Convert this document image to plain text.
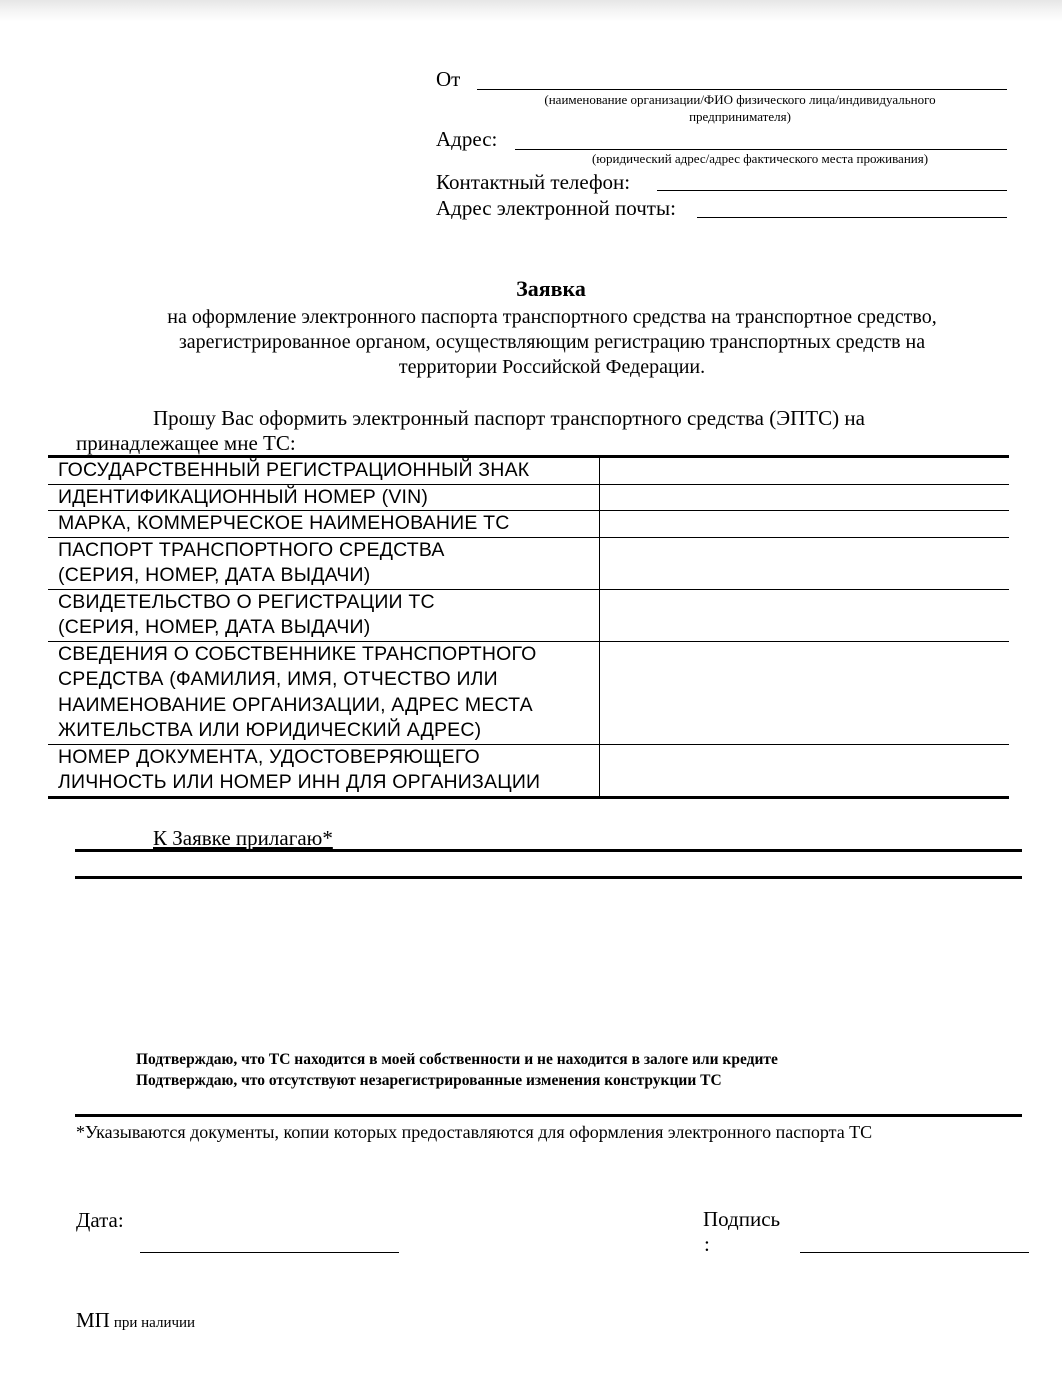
От
(наименование организации/ФИО физического лица/индивидуального
предпринимателя)
Адрес:
(юридический адрес/адрес фактического места проживания)
Контактный телефон:
Адрес электронной почты:
Заявка
на оформление электронного паспорта транспортного средства на транспортное средство, зарегистрированное органом, осуществляющим регистрацию транспортных средств на территории Российской Федерации.
Прошу Вас оформить электронный паспорт транспортного средства (ЭПТС) на
принадлежащее мне ТС:
ГОСУДАРСТВЕННЫЙ РЕГИСТРАЦИОННЫЙ ЗНАК	
ИДЕНТИФИКАЦИОННЫЙ НОМЕР (VIN)	
МАРКА, КОММЕРЧЕСКОЕ НАИМЕНОВАНИЕ ТС	
ПАСПОРТ ТРАНСПОРТНОГО СРЕДСТВА
(СЕРИЯ, НОМЕР, ДАТА ВЫДАЧИ)	
СВИДЕТЕЛЬСТВО О РЕГИСТРАЦИИ ТС
(СЕРИЯ, НОМЕР, ДАТА ВЫДАЧИ)	
СВЕДЕНИЯ О СОБСТВЕННИКЕ ТРАНСПОРТНОГО
СРЕДСТВА (ФАМИЛИЯ, ИМЯ, ОТЧЕСТВО ИЛИ
НАИМЕНОВАНИЕ ОРГАНИЗАЦИИ, АДРЕС МЕСТА
ЖИТЕЛЬСТВА ИЛИ ЮРИДИЧЕСКИЙ АДРЕС)	
НОМЕР ДОКУМЕНТА, УДОСТОВЕРЯЮЩЕГО
ЛИЧНОСТЬ ИЛИ НОМЕР ИНН ДЛЯ ОРГАНИЗАЦИИ	
К Заявке прилагаю*
Подтверждаю, что ТС находится в моей собственности и не находится в залоге или кредите
Подтверждаю, что отсутствуют незарегистрированные изменения конструкции ТС
*Указываются документы, копии которых предоставляются для оформления электронного паспорта ТС
Дата:	Подпись
:
МП при наличии
